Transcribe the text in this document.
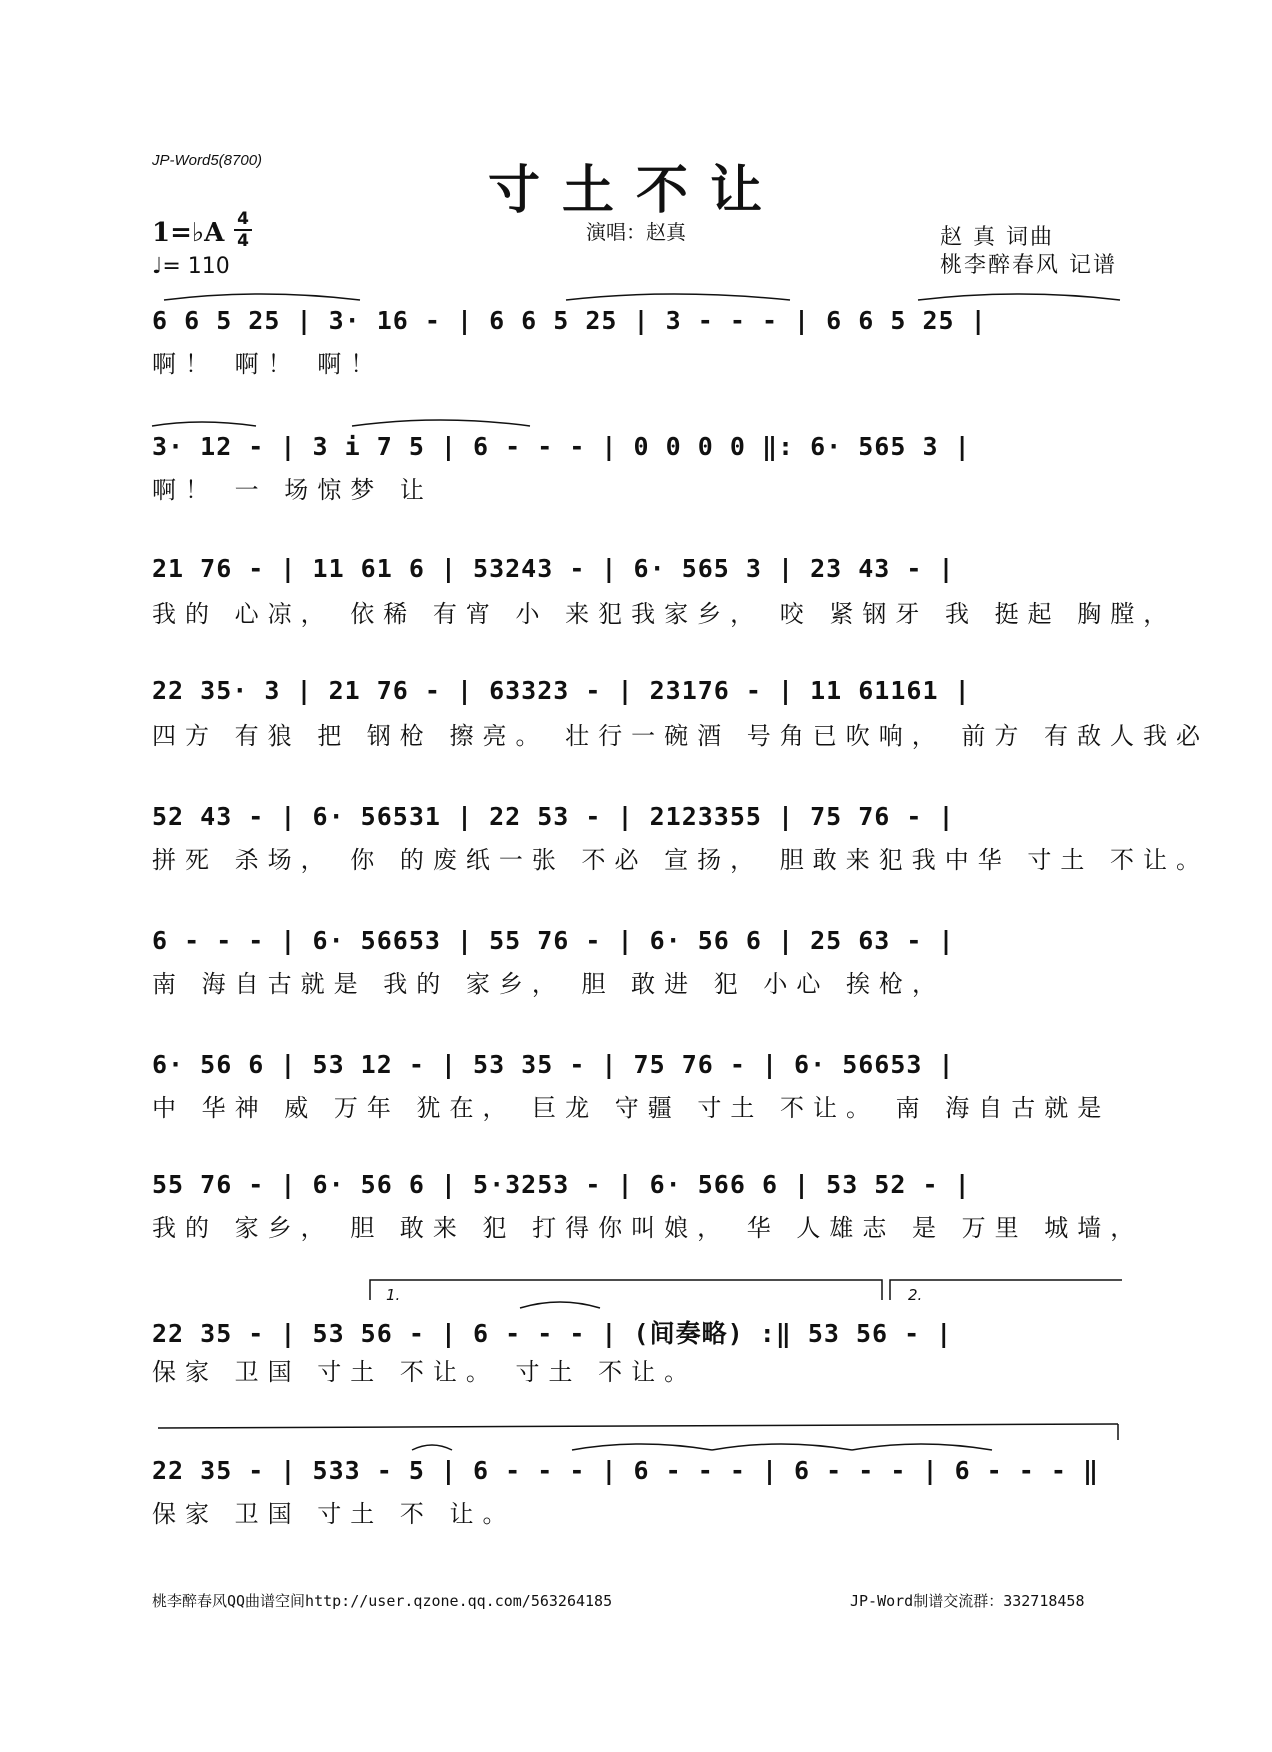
JP-Word5(8700)	寸土不让
演唱：赵真	赵 真 词曲
桃李醉春风 记谱
1=♭A 4
4
♩= 110
6 6 5 25 | 3· 16 - | 6 6 5 25 | 3 - - - | 6 6 5 25 |
啊！ 啊！ 啊！
3· 12 - | 3 i 7 5 | 6 - - - | 0 0 0 0 ‖: 6· 565 3 |
啊！ 一 场惊梦 让
21 76 - | 11 61 6 | 53243 - | 6· 565 3 | 23 43 - |
我的 心凉， 依稀 有宵 小 来犯我家乡， 咬 紧钢牙 我 挺起 胸膛，
22 35· 3 | 21 76 - | 63323 - | 23176 - | 11 61161 |
四方 有狼 把 钢枪 擦亮。 壮行一碗酒 号角已吹响， 前方 有敌人我必
52 43 - | 6· 56531 | 22 53 - | 2123355 | 75 76 - |
拼死 杀场， 你 的废纸一张 不必 宣扬， 胆敢来犯我中华 寸土 不让。
6 - - - | 6· 56653 | 55 76 - | 6· 56 6 | 25 63 - |
南 海自古就是 我的 家乡， 胆 敢进 犯 小心 挨枪，
6· 56 6 | 53 12 - | 53 35 - | 75 76 - | 6· 56653 |
中 华神 威 万年 犹在， 巨龙 守疆 寸土 不让。 南 海自古就是
55 76 - | 6· 56 6 | 5·3253 - | 6· 566 6 | 53 52 - |
我的 家乡， 胆 敢来 犯 打得你叫娘， 华 人雄志 是 万里 城墙，
1.	2.
22 35 - | 53 56 - | 6 - - - | (间奏略) :‖ 53 56 - |
保家 卫国 寸土 不让。 寸土 不让。
22 35 - | 533 - 5 | 6 - - - | 6 - - - | 6 - - - | 6 - - - ‖
保家 卫国 寸土 不 让。
桃李醉春风QQ曲谱空间http://user.qzone.qq.com/563264185	JP-Word制谱交流群：332718458
